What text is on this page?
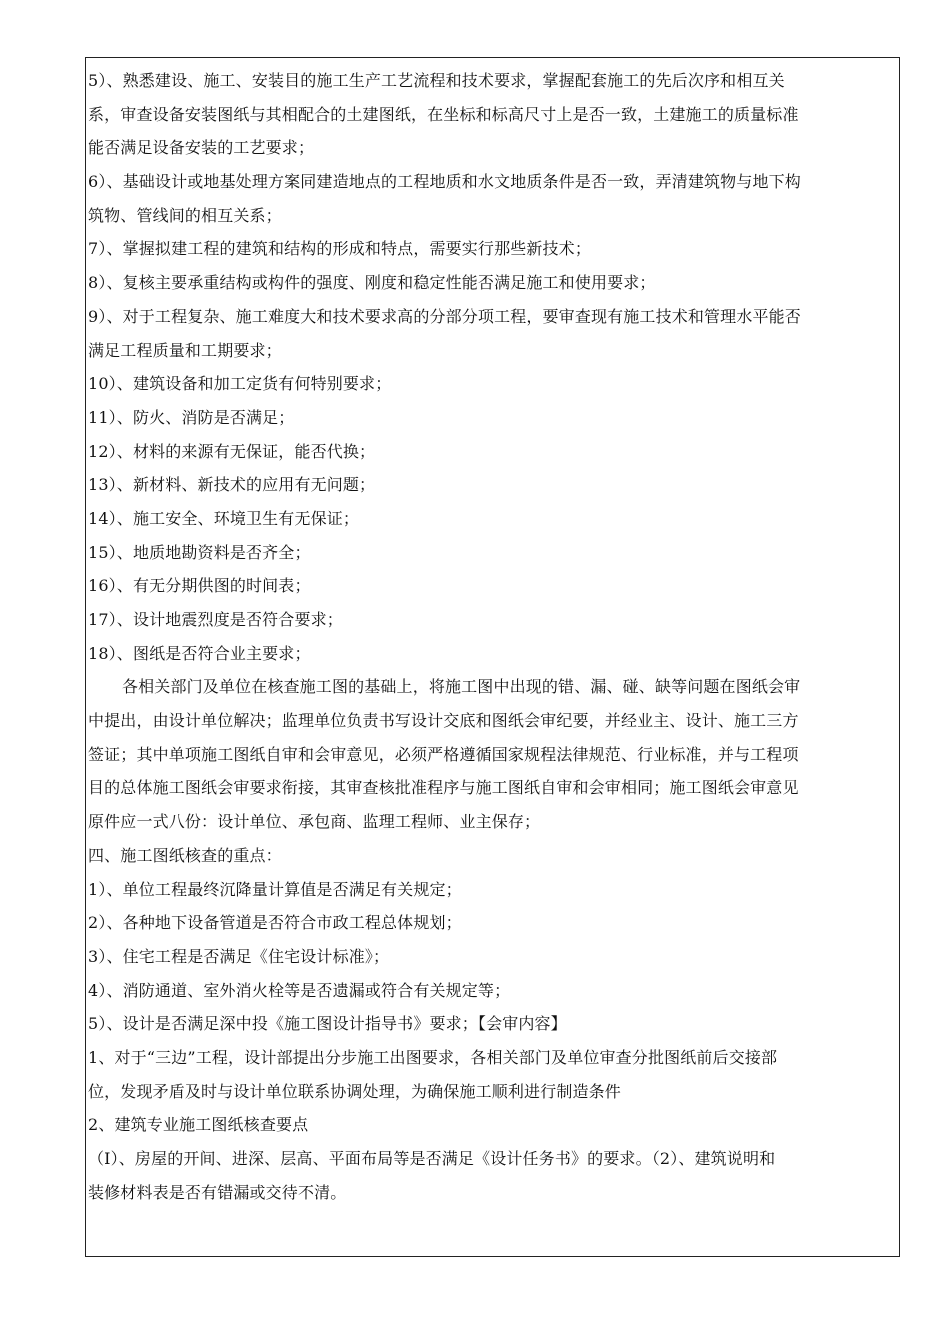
5）、熟悉建设、施工、安装目的施工生产工艺流程和技术要求，掌握配套施工的先后次序和相互关
系，审查设备安装图纸与其相配合的土建图纸，在坐标和标高尺寸上是否一致，土建施工的质量标准
能否满足设备安装的工艺要求；
6）、基础设计或地基处理方案同建造地点的工程地质和水文地质条件是否一致，弄清建筑物与地下构
筑物、管线间的相互关系；
7）、掌握拟建工程的建筑和结构的形成和特点，需要实行那些新技术；
8）、复核主要承重结构或构件的强度、刚度和稳定性能否满足施工和使用要求；
9）、对于工程复杂、施工难度大和技术要求高的分部分项工程，要审查现有施工技术和管理水平能否
满足工程质量和工期要求；
10）、建筑设备和加工定货有何特别要求；
11）、防火、消防是否满足；
12）、材料的来源有无保证，能否代换；
13）、新材料、新技术的应用有无问题；
14）、施工安全、环境卫生有无保证；
15）、地质地勘资料是否齐全；
16）、有无分期供图的时间表；
17）、设计地震烈度是否符合要求；
18）、图纸是否符合业主要求；
各相关部门及单位在核查施工图的基础上，将施工图中出现的错、漏、碰、缺等问题在图纸会审
中提出，由设计单位解决；监理单位负责书写设计交底和图纸会审纪要，并经业主、设计、施工三方
签证；其中单项施工图纸自审和会审意见，必须严格遵循国家规程法律规范、行业标准，并与工程项
目的总体施工图纸会审要求衔接，其审查核批准程序与施工图纸自审和会审相同；施工图纸会审意见
原件应一式八份：设计单位、承包商、监理工程师、业主保存；
四、施工图纸核查的重点：
1）、单位工程最终沉降量计算值是否满足有关规定；
2）、各种地下设备管道是否符合市政工程总体规划；
3）、住宅工程是否满足《住宅设计标准》；
4）、消防通道、室外消火栓等是否遗漏或符合有关规定等；
5）、设计是否满足深中投《施工图设计指导书》要求；【会审内容】
1、对于“三边”工程，设计部提出分步施工出图要求，各相关部门及单位审查分批图纸前后交接部
位，发现矛盾及时与设计单位联系协调处理，为确保施工顺利进行制造条件
2、建筑专业施工图纸核查要点
（I）、房屋的开间、进深、层高、平面布局等是否满足《设计任务书》的要求。（2）、建筑说明和
装修材料表是否有错漏或交待不清。
